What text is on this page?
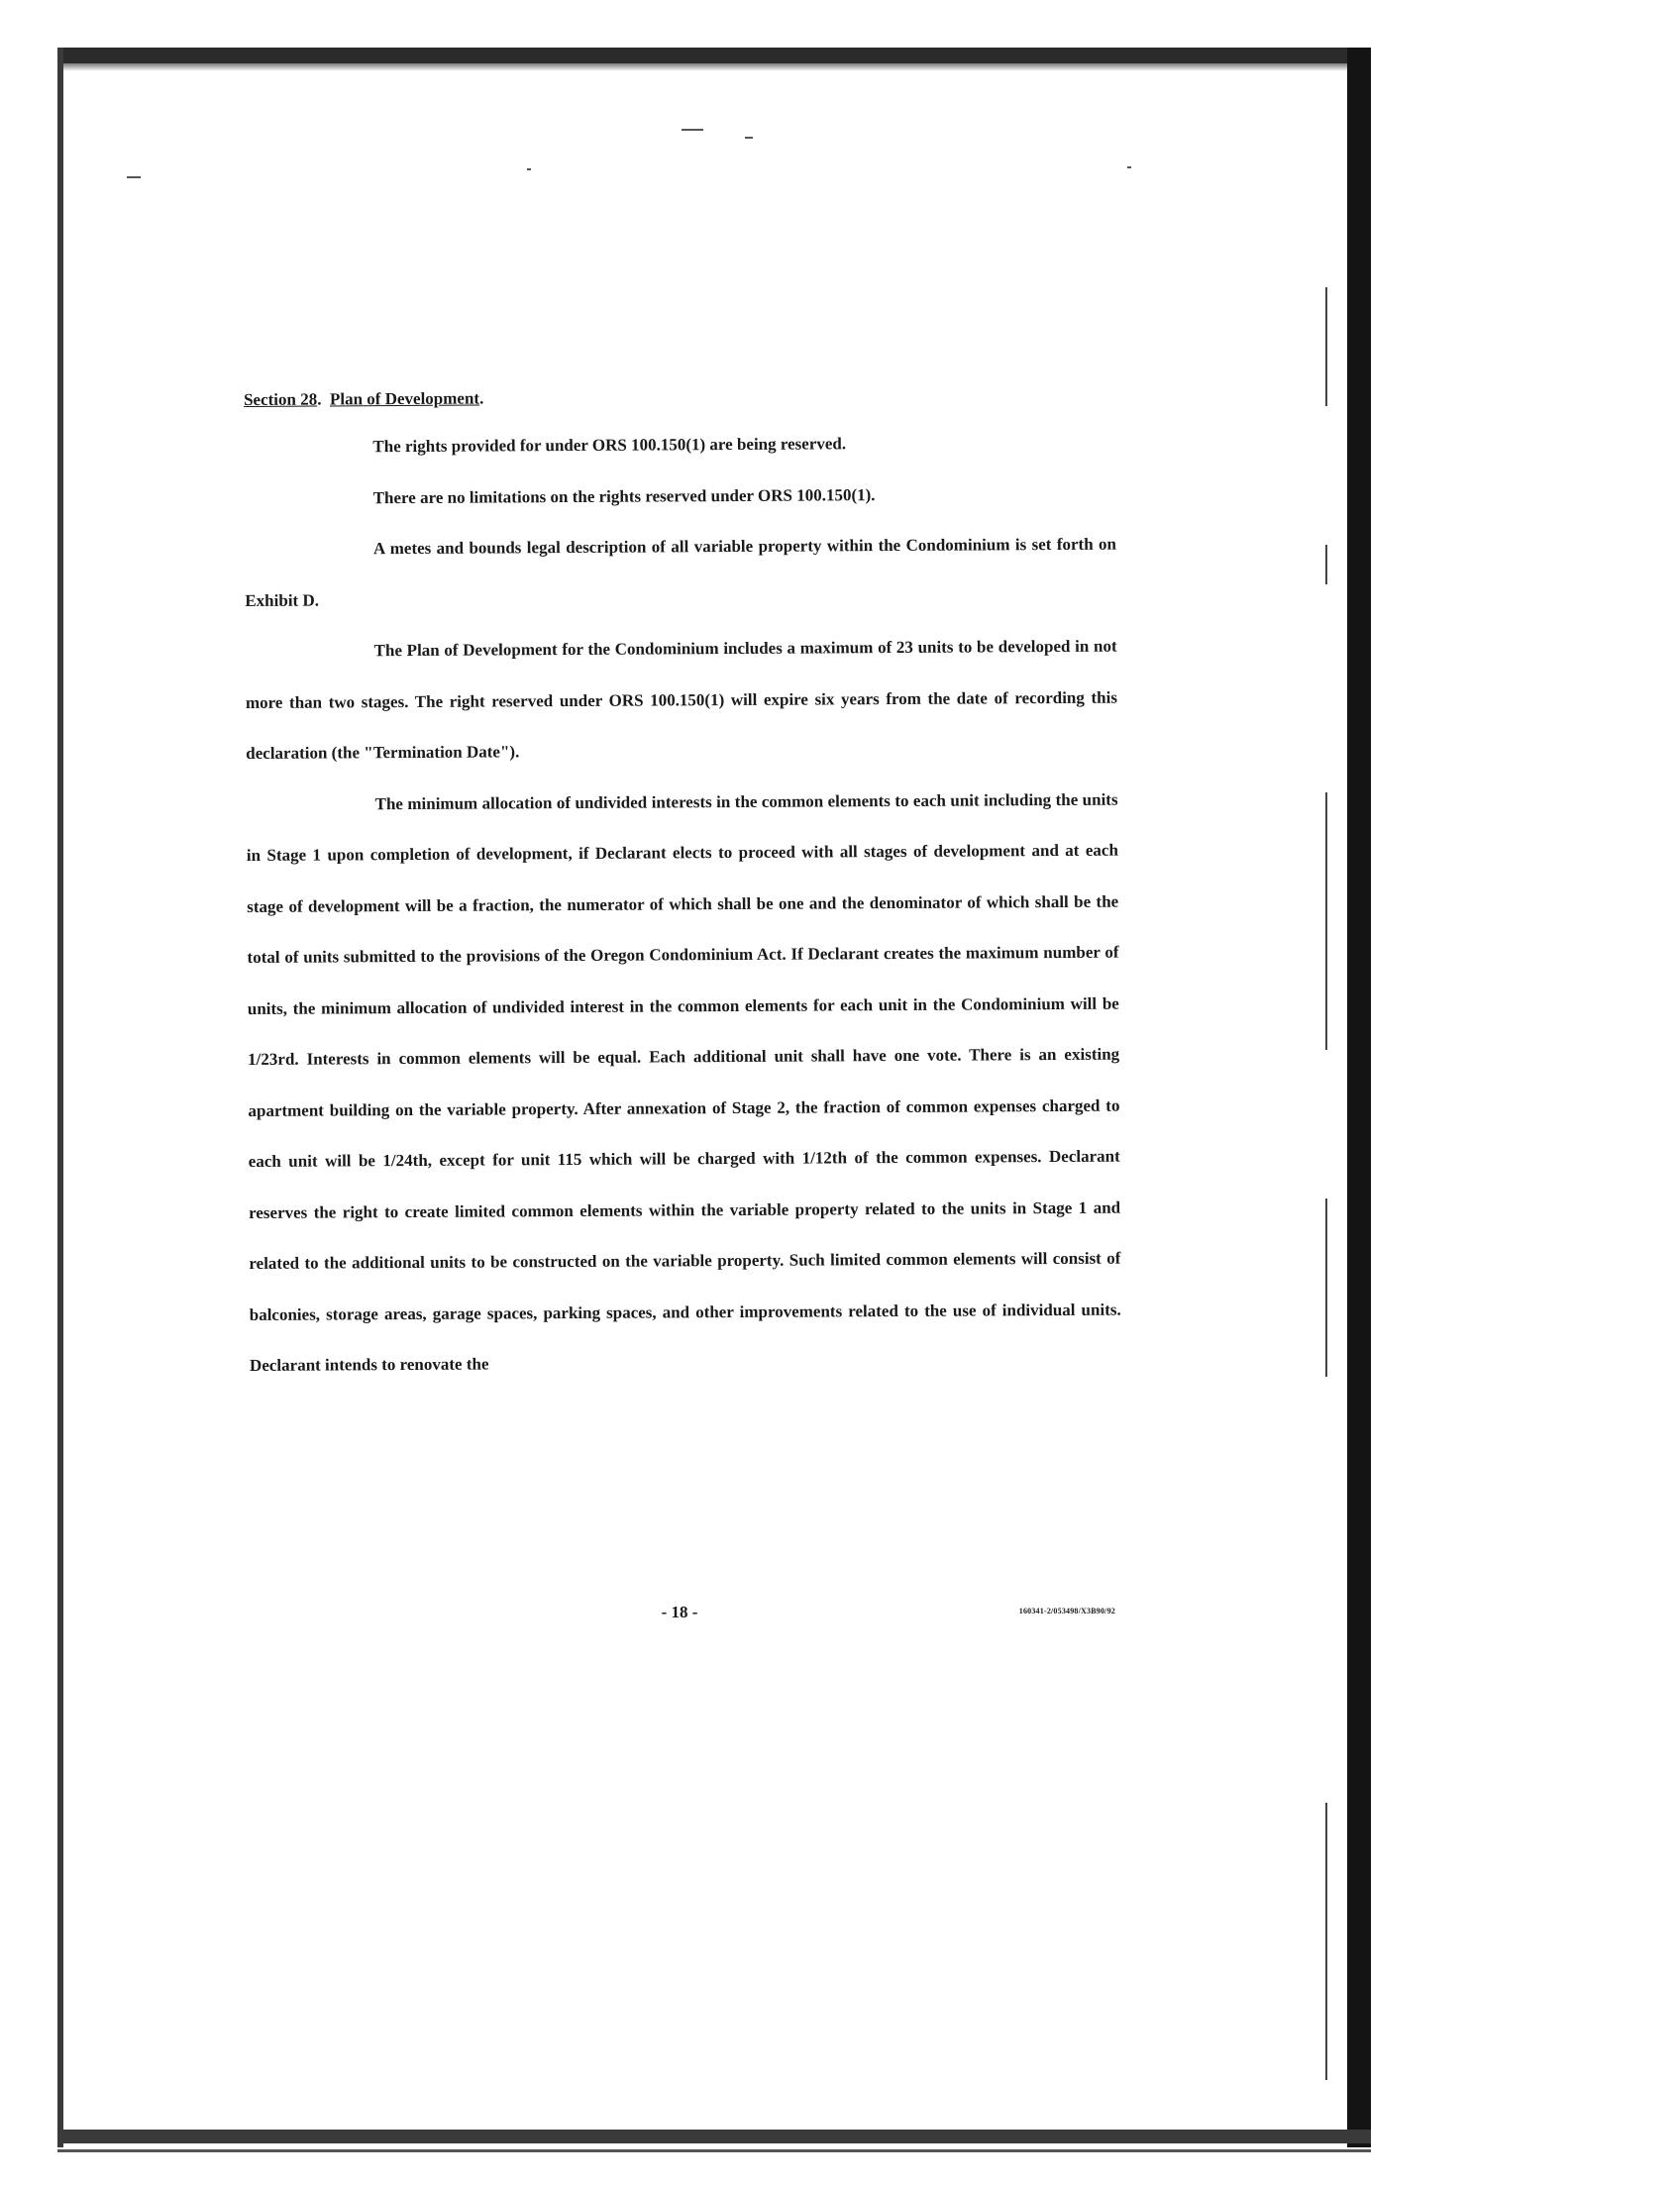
Section 28.  Plan of Development.

The rights provided for under ORS 100.150(1) are being reserved.

There are no limitations on the rights reserved under ORS 100.150(1).

A metes and bounds legal description of all variable property within the Condominium is set forth on Exhibit D.

The Plan of Development for the Condominium includes a maximum of 23 units to be developed in not more than two stages. The right reserved under ORS 100.150(1) will expire six years from the date of recording this declaration (the "Termination Date").

The minimum allocation of undivided interests in the common elements to each unit including the units in Stage 1 upon completion of development, if Declarant elects to proceed with all stages of development and at each stage of development will be a fraction, the numerator of which shall be one and the denominator of which shall be the total of units submitted to the provisions of the Oregon Condominium Act. If Declarant creates the maximum number of units, the minimum allocation of undivided interest in the common elements for each unit in the Condominium will be 1/23rd. Interests in common elements will be equal. Each additional unit shall have one vote. There is an existing apartment building on the variable property. After annexation of Stage 2, the fraction of common expenses charged to each unit will be 1/24th, except for unit 115 which will be charged with 1/12th of the common expenses. Declarant reserves the right to create limited common elements within the variable property related to the units in Stage 1 and related to the additional units to be constructed on the variable property. Such limited common elements will consist of balconies, storage areas, garage spaces, parking spaces, and other improvements related to the use of individual units. Declarant intends to renovate the

- 18 -	160341-2/053498/X3B90/92
